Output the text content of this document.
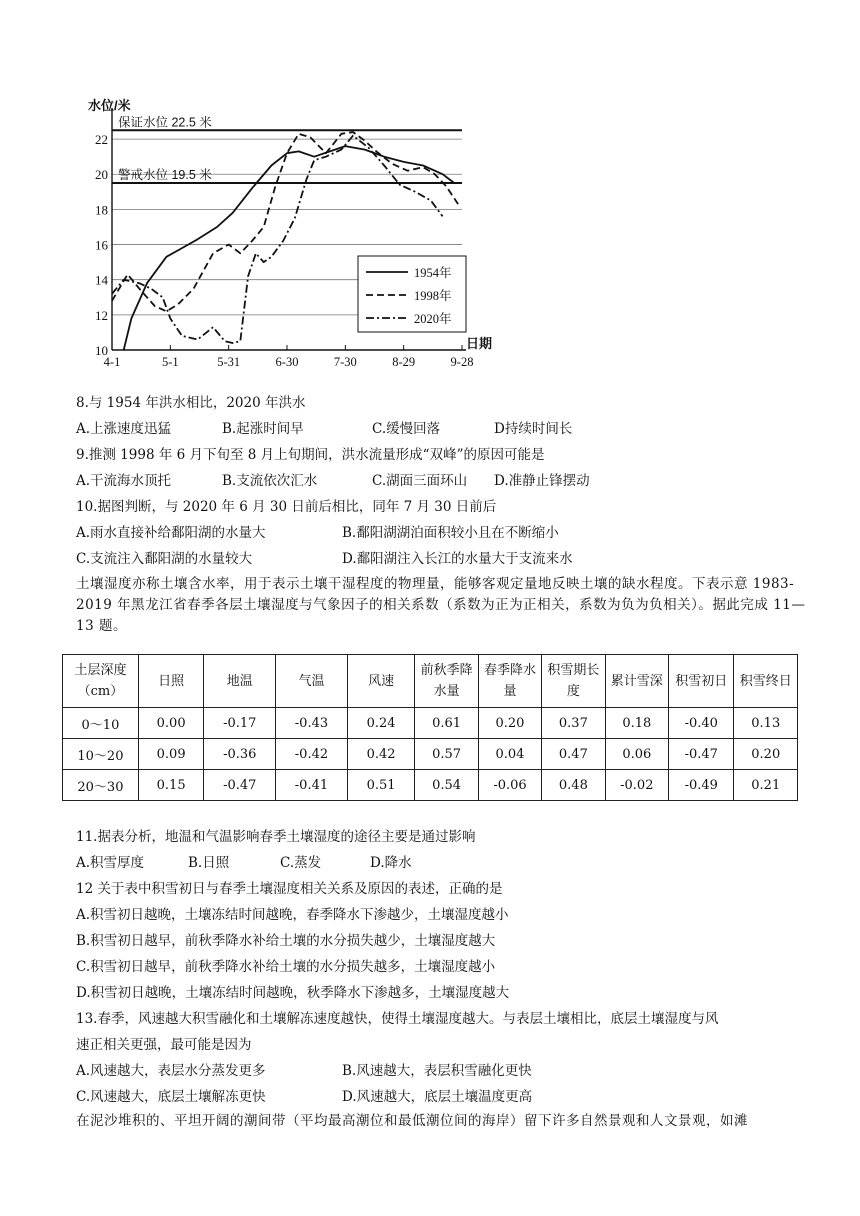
10
12
14
16
18
20
22
水位/米
4-1	5-1	5-31	6-30	7-30	8-29	9-28
日期
保证水位 22.5 米
警戒水位 19.5 米
1954年
1998年
2020年
8.与 1954 年洪水相比，2020 年洪水
A.上涨速度迅猛	B.起涨时间早	C.缓慢回落	D持续时间长
9.推测 1998 年 6 月下旬至 8 月上旬期间，洪水流量形成“双峰”的原因可能是
A.干流海水顶托	B.支流依次汇水	C.湖面三面环山 D.准静止锋摆动
10.据图判断，与 2020 年 6 月 30 日前后相比，同年 7 月 30 日前后
A.雨水直接补给鄱阳湖的水量大	B.鄱阳湖湖泊面积较小且在不断缩小
C.支流注入鄱阳湖的水量较大	D.鄱阳湖注入长江的水量大于支流来水
土壤湿度亦称土壤含水率，用于表示土壤干湿程度的物理量，能够客观定量地反映土壤的缺水程度。下表示意 1983-2019 年黑龙江省春季各层土壤湿度与气象因子的相关系数（系数为正为正相关，系数为负为负相关）。据此完成 11—13 题。
土层深度（cm）	日照	地温	气温	风速	前秋季降水量	春季降水量	积雪期长度	累计雪深	积雪初日	积雪终日
0～10	0.00	-0.17	-0.43	0.24	0.61	0.20	0.37	0.18	-0.40	0.13
10～20	0.09	-0.36	-0.42	0.42	0.57	0.04	0.47	0.06	-0.47	0.20
20～30	0.15	-0.47	-0.41	0.51	0.54	-0.06	0.48	-0.02	-0.49	0.21
11.据表分析，地温和气温影响春季土壤湿度的途径主要是通过影响
A.积雪厚度	B.日照	C.蒸发	D.降水
12 关于表中积雪初日与春季土壤湿度相关关系及原因的表述，正确的是
A.积雪初日越晚，土壤冻结时间越晚，春季降水下渗越少，土壤湿度越小
B.积雪初日越早，前秋季降水补给土壤的水分损失越少，土壤湿度越大
C.积雪初日越早，前秋季降水补给土壤的水分损失越多，土壤湿度越小
D.积雪初日越晚，土壤冻结时间越晚，秋季降水下渗越多，土壤湿度越大
13.春季，风速越大积雪融化和土壤解冻速度越快，使得土壤湿度越大。与表层土壤相比，底层土壤湿度与风
速正相关更强，最可能是因为
A.风速越大，表层水分蒸发更多	B.风速越大，表层积雪融化更快
C.风速越大，底层土壤解冻更快	D.风速越大，底层土壤温度更高
在泥沙堆积的、平坦开阔的潮间带（平均最高潮位和最低潮位间的海岸）留下许多自然景观和人文景观，如滩
